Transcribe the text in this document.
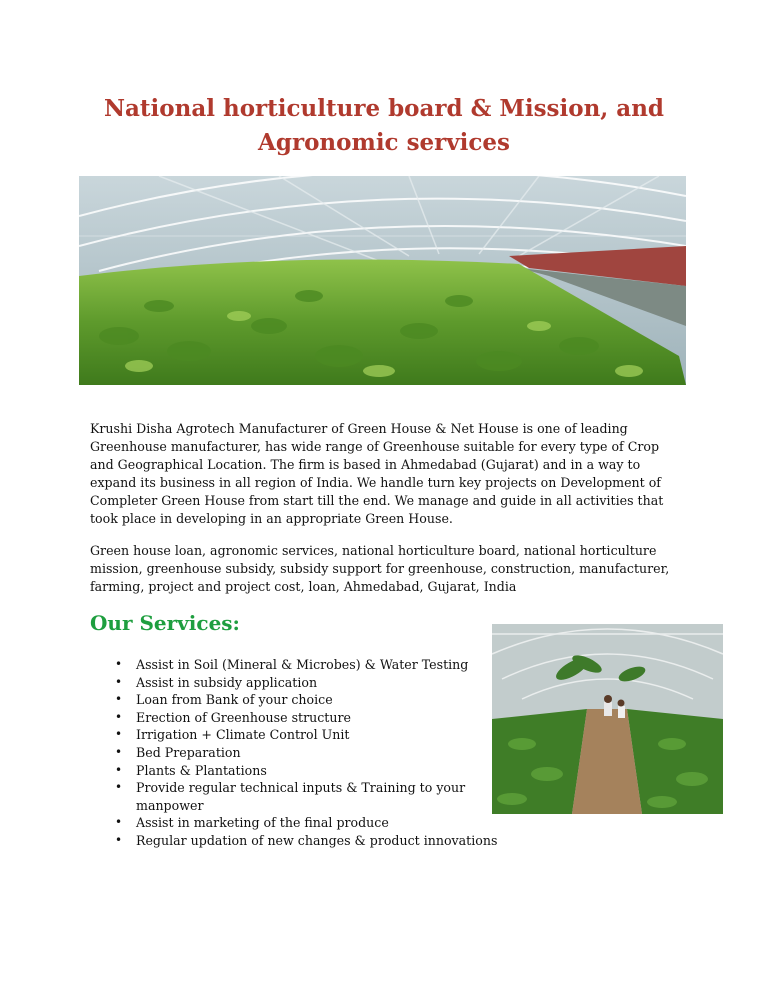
National horticulture board & Mission, and Agronomic services
Krushi Disha Agrotech Manufacturer of Green House & Net House is one of leading Greenhouse manufacturer, has wide range of Greenhouse suitable for every type of Crop and Geographical Location. The firm is based in Ahmedabad (Gujarat) and in a way to expand its business in all region of India. We handle turn key projects on Development of Completer Green House from start till the end. We manage and guide in all activities that took place in developing in an appropriate Green House.
Green house loan, agronomic services, national horticulture board, national horticulture mission, greenhouse subsidy, subsidy support for greenhouse, construction, manufacturer, farming, project and project cost, loan, Ahmedabad, Gujarat, India
Our Services:
• Assist in Soil (Mineral & Microbes) & Water Testing
• Assist in subsidy application
• Loan from Bank of your choice
• Erection of Greenhouse structure
• Irrigation + Climate Control Unit
• Bed Preparation
• Plants & Plantations
• Provide regular technical inputs & Training to your manpower
• Assist in marketing of the final produce
• Regular updation of new changes & product innovations
